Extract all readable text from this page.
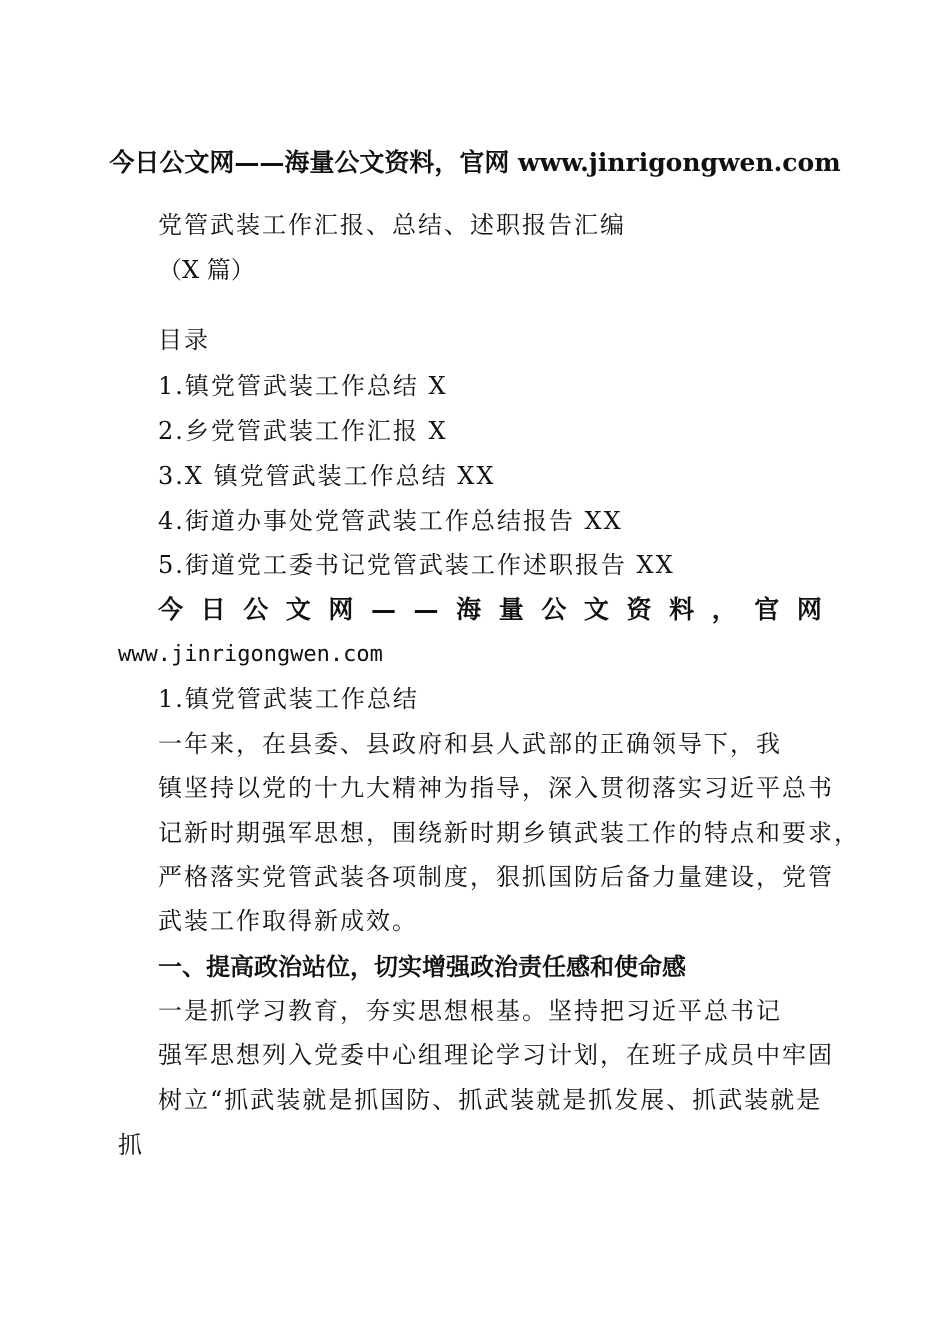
今日公文网——海量公文资料，官网 www.jinrigongwen.com
党管武装工作汇报、总结、述职报告汇编
（X 篇）
目录
1.镇党管武装工作总结 X
2.乡党管武装工作汇报 X
3.X 镇党管武装工作总结 XX
4.街道办事处党管武装工作总结报告 XX
5.街道党工委书记党管武装工作述职报告 XX
今 日 公 文 网 — — 海 量 公 文 资 料 ， 官 网
www.jinrigongwen.com
1.镇党管武装工作总结
一年来，在县委、县政府和县人武部的正确领导下，我
镇坚持以党的十九大精神为指导，深入贯彻落实习近平总书
记新时期强军思想，围绕新时期乡镇武装工作的特点和要求，
严格落实党管武装各项制度，狠抓国防后备力量建设，党管
武装工作取得新成效。
一、提高政治站位，切实增强政治责任感和使命感
一是抓学习教育，夯实思想根基。坚持把习近平总书记
强军思想列入党委中心组理论学习计划，在班子成员中牢固
树立“抓武装就是抓国防、抓武装就是抓发展、抓武装就是
抓
